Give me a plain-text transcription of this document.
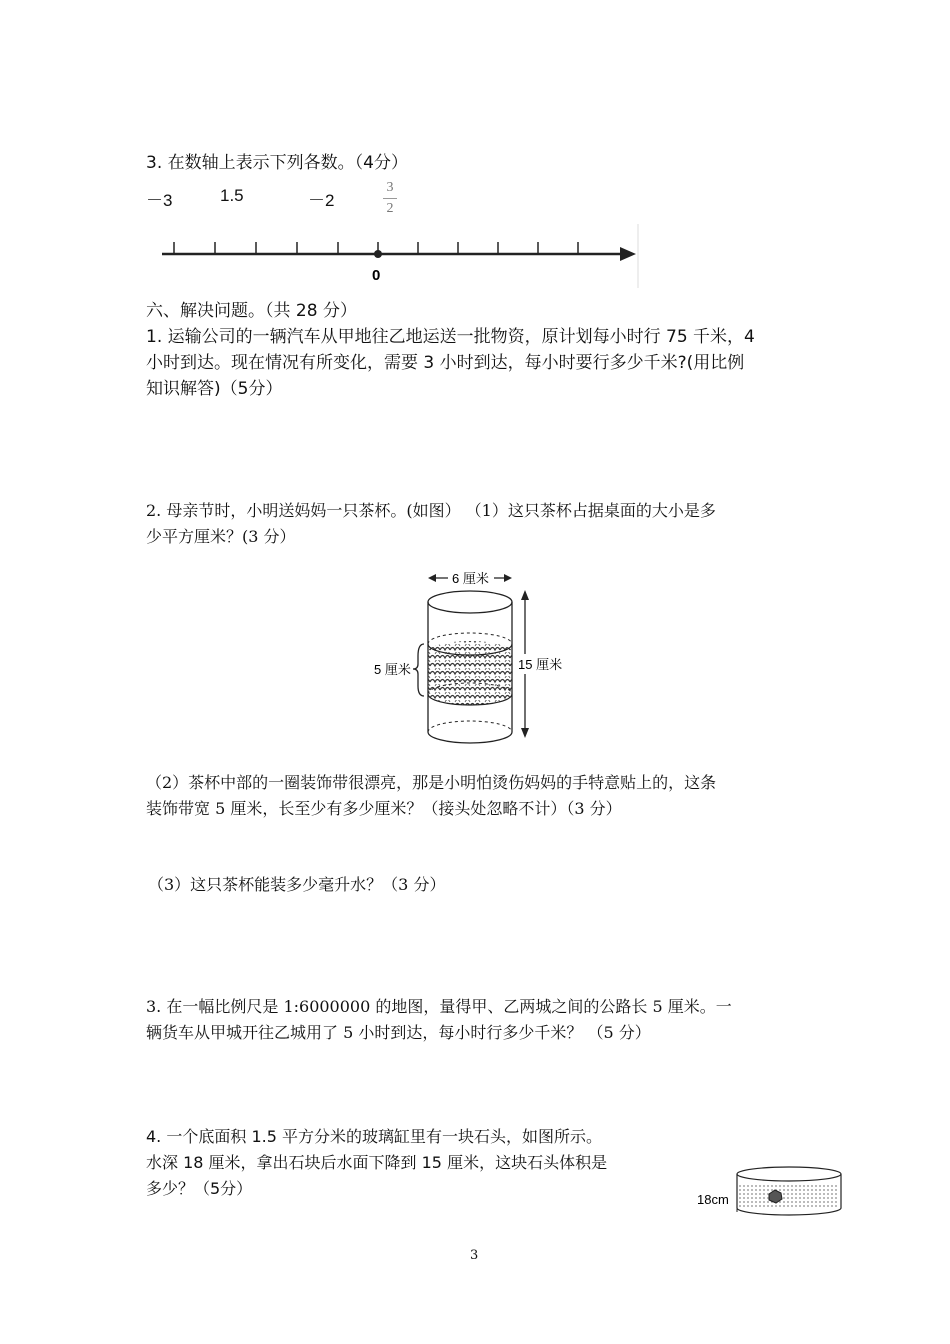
3. 在数轴上表示下列各数。（4分）
－3	1.5	－2
3
2
0
六、解决问题。（共 28 分）
1. 运输公司的一辆汽车从甲地往乙地运送一批物资，原计划每小时行 75 千米，4
小时到达。现在情况有所变化，需要 3 小时到达，每小时要行多少千米?(用比例
知识解答)（5分）
2. 母亲节时，小明送妈妈一只茶杯。(如图） （1）这只茶杯占据桌面的大小是多
少平方厘米？(3 分）
6 厘米
5 厘米	15 厘米
（2）茶杯中部的一圈装饰带很漂亮，那是小明怕烫伤妈妈的手特意贴上的，这条
装饰带宽 5 厘米，长至少有多少厘米？（接头处忽略不计）（3 分）
（3）这只茶杯能装多少毫升水？（3 分）
3. 在一幅比例尺是 1:6000000 的地图，量得甲、乙两城之间的公路长 5 厘米。一
辆货车从甲城开往乙城用了 5 小时到达，每小时行多少千米？ （5 分）
4. 一个底面积 1.5 平方分米的玻璃缸里有一块石头，如图所示。
水深 18 厘米，拿出石块后水面下降到 15 厘米，这块石头体积是
多少？（5分）
18cm
3
